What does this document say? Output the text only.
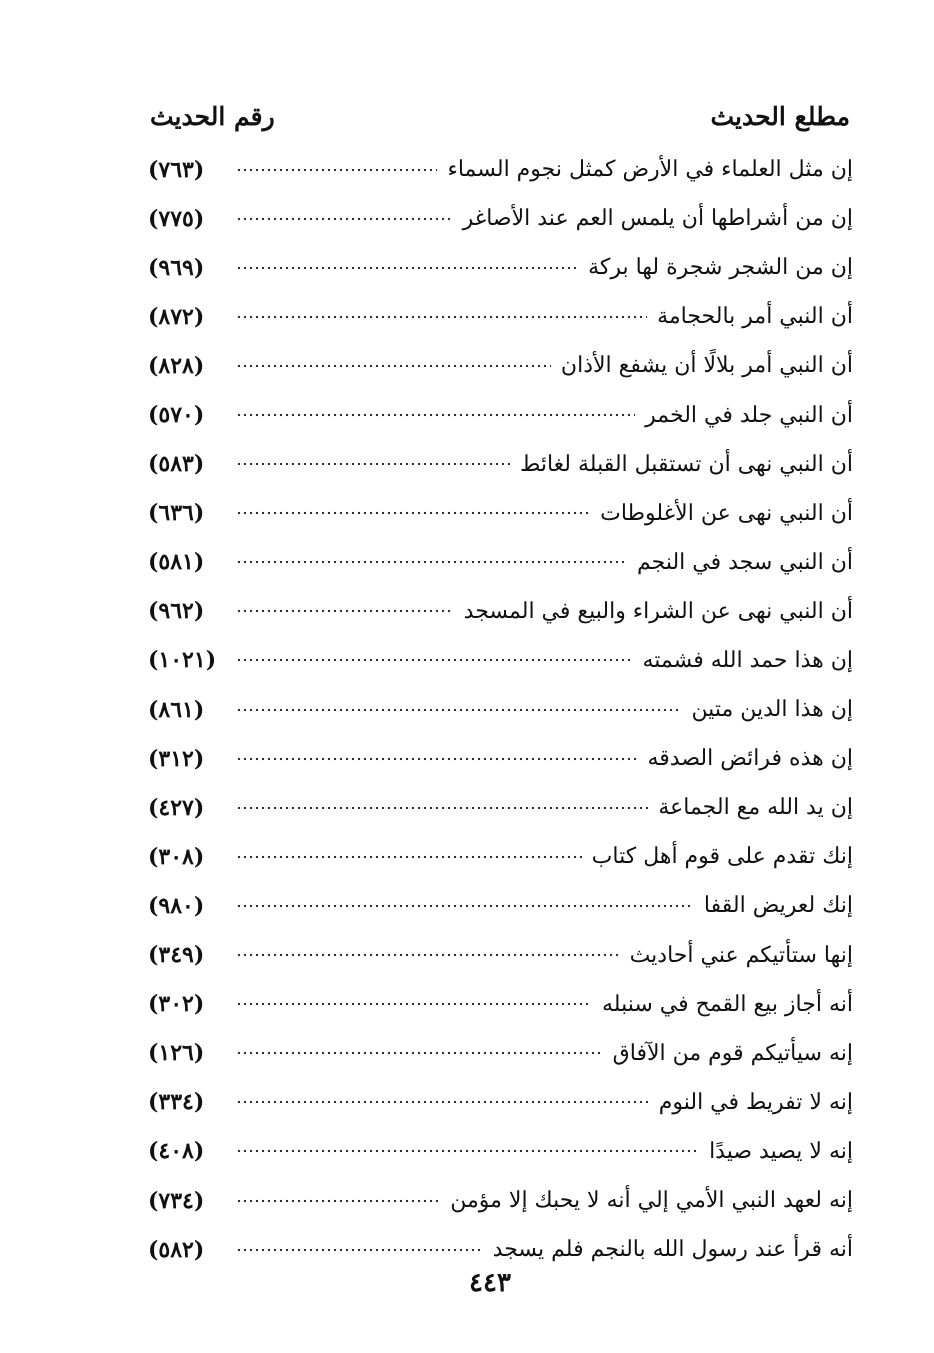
مطلع الحديث
رقم الحديث
إن مثل العلماء في الأرض كمثل نجوم السماء
(٧٦٣)
إن من أشراطها أن يلمس العم عند الأصاغر
(٧٧٥)
إن من الشجر شجرة لها بركة
(٩٦٩)
أن النبي أمر بالحجامة
(٨٧٢)
أن النبي أمر بلالًا أن يشفع الأذان
(٨٢٨)
أن النبي جلد في الخمر
(٥٧٠)
أن النبي نهى أن تستقبل القبلة لغائط
(٥٨٣)
أن النبي نهى عن الأغلوطات
(٦٣٦)
أن النبي سجد في النجم
(٥٨١)
أن النبي نهى عن الشراء والبيع في المسجد
(٩٦٢)
إن هذا حمد الله فشمته
(١٠٢١)
إن هذا الدين متين
(٨٦١)
إن هذه فرائض الصدقه
(٣١٢)
إن يد الله مع الجماعة
(٤٢٧)
إنك تقدم على قوم أهل كتاب
(٣٠٨)
إنك لعريض القفا
(٩٨٠)
إنها ستأتيكم عني أحاديث
(٣٤٩)
أنه أجاز بيع القمح في سنبله
(٣٠٢)
إنه سيأتيكم قوم من الآفاق
(١٢٦)
إنه لا تفريط في النوم
(٣٣٤)
إنه لا يصيد صيدًا
(٤٠٨)
إنه لعهد النبي الأمي إلي أنه لا يحبك إلا مؤمن
(٧٣٤)
أنه قرأ عند رسول الله بالنجم فلم يسجد
(٥٨٢)
٤٤٣
